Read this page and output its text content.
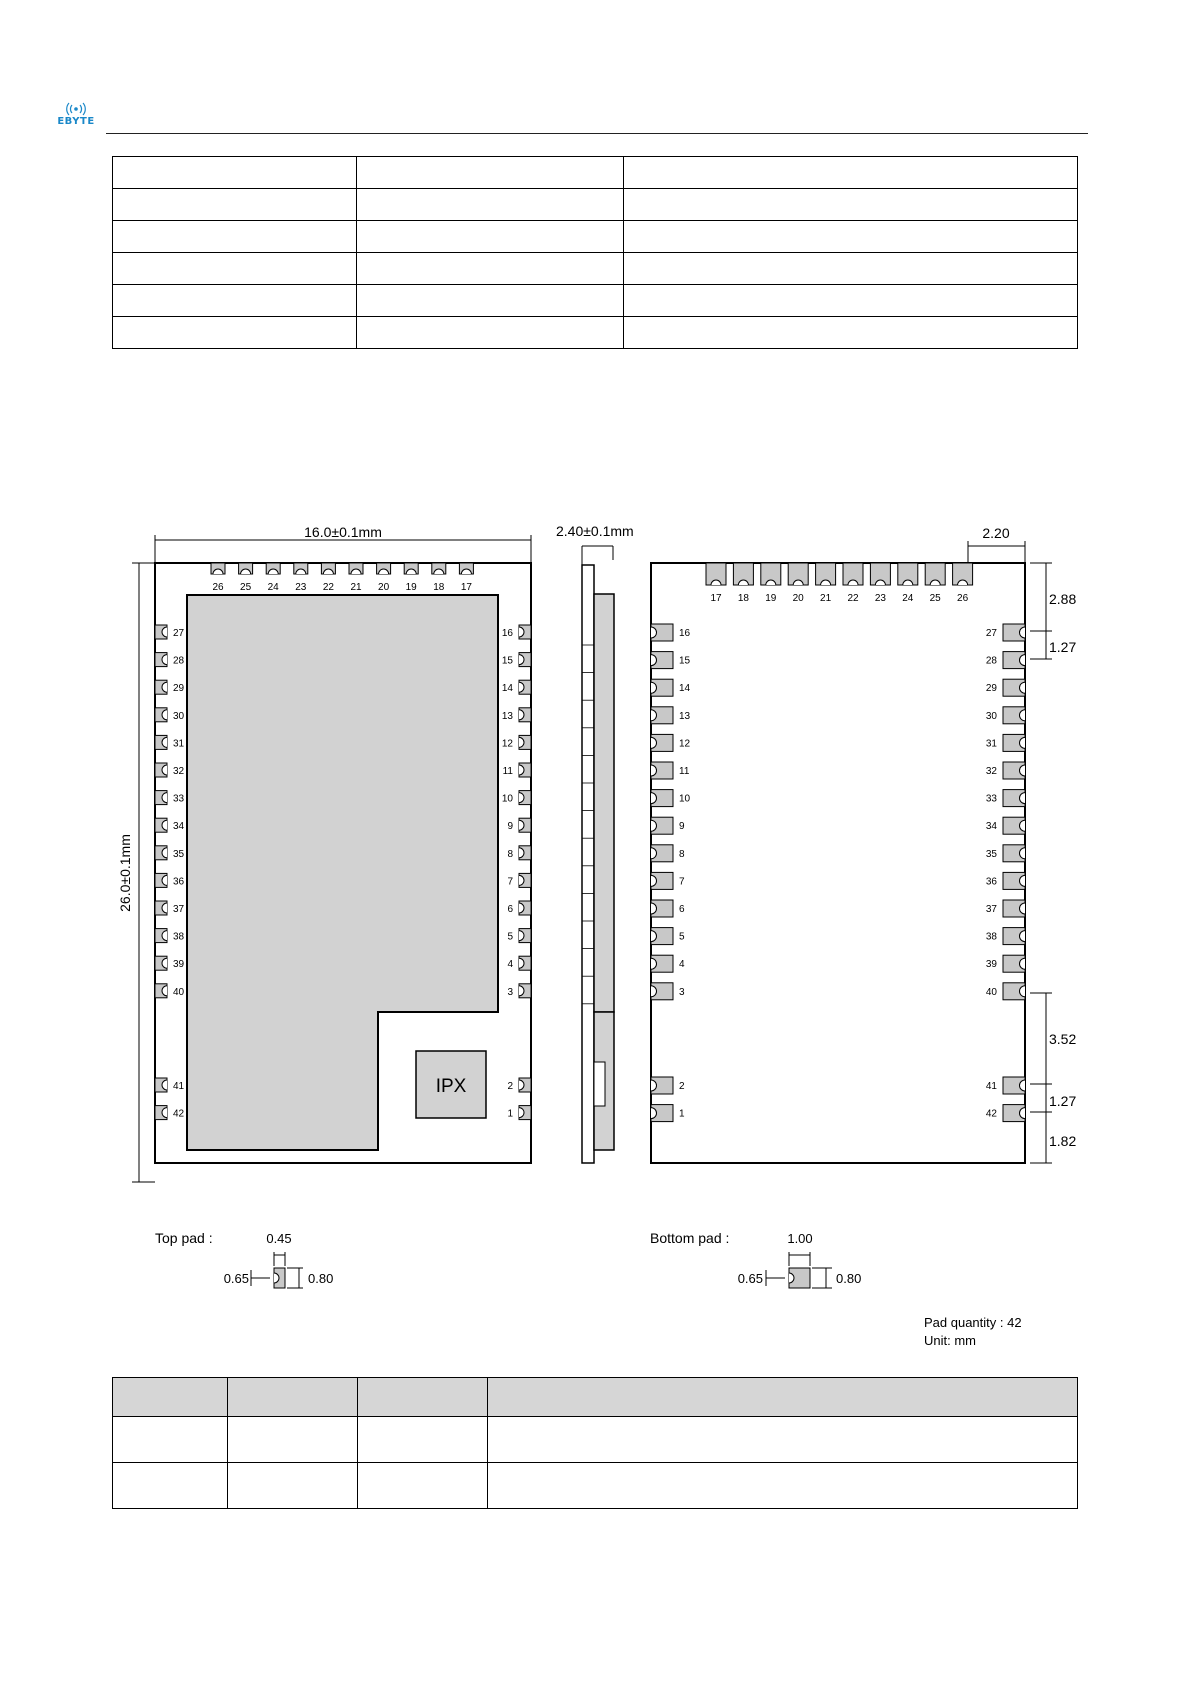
EBYTE

IPX
26 25 24 23 22 21 20 19 18 17
27
28
29
30
31
32
33
34
35
36
37
38
39
40
16
15
14
13
12
11
10
9
8
7
6
5
4
3
41
42
2
1
16.0±0.1mm
26.0±0.1mm
2.40±0.1mm
17 18 19 20 21 22 23 24 25 26
16
15
14
13
12
11
10
9
8
7
6
5
4
3
27
28
29
30
31
32
33
34
35
36
37
38
39
40
2
1
41
42
2.20
2.88
1.27
3.52
1.27
1.82
Top pad :	0.45
0.65	0.80
Bottom pad :	1.00
0.65	0.80
Pad quantity : 42
Unit: mm
